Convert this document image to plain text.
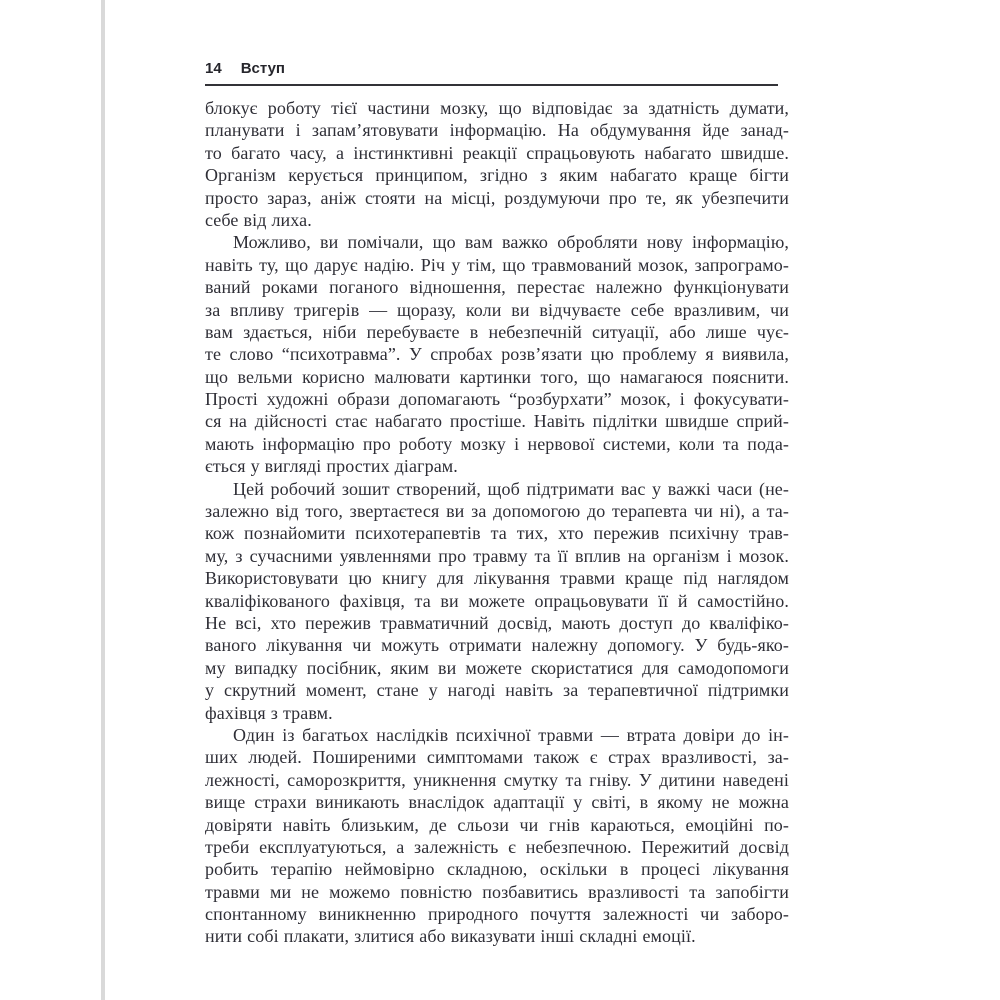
14 Вступ

блокує роботу тієї частини мозку, що відповідає за здатність думати,
планувати і запам’ятовувати інформацію. На обдумування йде занад-
то багато часу, а інстинктивні реакції спрацьовують набагато швидше.
Організм керується принципом, згідно з яким набагато краще бігти
просто зараз, аніж стояти на місці, роздумуючи про те, як убезпечити
себе від лиха.

Можливо, ви помічали, що вам важко обробляти нову інформацію,
навіть ту, що дарує надію. Річ у тім, що травмований мозок, запрограмо-
ваний роками поганого відношення, перестає належно функціонувати
за впливу тригерів — щоразу, коли ви відчуваєте себе вразливим, чи
вам здається, ніби перебуваєте в небезпечній ситуації, або лише чує-
те слово “психотравма”. У спробах розв’язати цю проблему я виявила,
що вельми корисно малювати картинки того, що намагаюся пояснити.
Прості художні образи допомагають “розбурхати” мозок, і фокусувати-
ся на дійсності стає набагато простіше. Навіть підлітки швидше сприй-
мають інформацію про роботу мозку і нервової системи, коли та пода-
ється у вигляді простих діаграм.

Цей робочий зошит створений, щоб підтримати вас у важкі часи (не-
залежно від того, звертаєтеся ви за допомогою до терапевта чи ні), а та-
кож познайомити психотерапевтів та тих, хто пережив психічну трав-
му, з сучасними уявленнями про травму та її вплив на організм і мозок.
Використовувати цю книгу для лікування травми краще під наглядом
кваліфікованого фахівця, та ви можете опрацьовувати її й самостійно.
Не всі, хто пережив травматичний досвід, мають доступ до кваліфіко-
ваного лікування чи можуть отримати належну допомогу. У будь-яко-
му випадку посібник, яким ви можете скористатися для самодопомоги
у скрутний момент, стане у нагоді навіть за терапевтичної підтримки
фахівця з травм.

Один із багатьох наслідків психічної травми — втрата довіри до ін-
ших людей. Поширеними симптомами також є страх вразливості, за-
лежності, саморозкриття, уникнення смутку та гніву. У дитини наведені
вище страхи виникають внаслідок адаптації у світі, в якому не можна
довіряти навіть близьким, де сльози чи гнів караються, емоційні по-
треби експлуатуються, а залежність є небезпечною. Пережитий досвід
робить терапію неймовірно складною, оскільки в процесі лікування
травми ми не можемо повністю позбавитись вразливості та запобігти
спонтанному виникненню природного почуття залежності чи заборо-
нити собі плакати, злитися або виказувати інші складні емоції.
